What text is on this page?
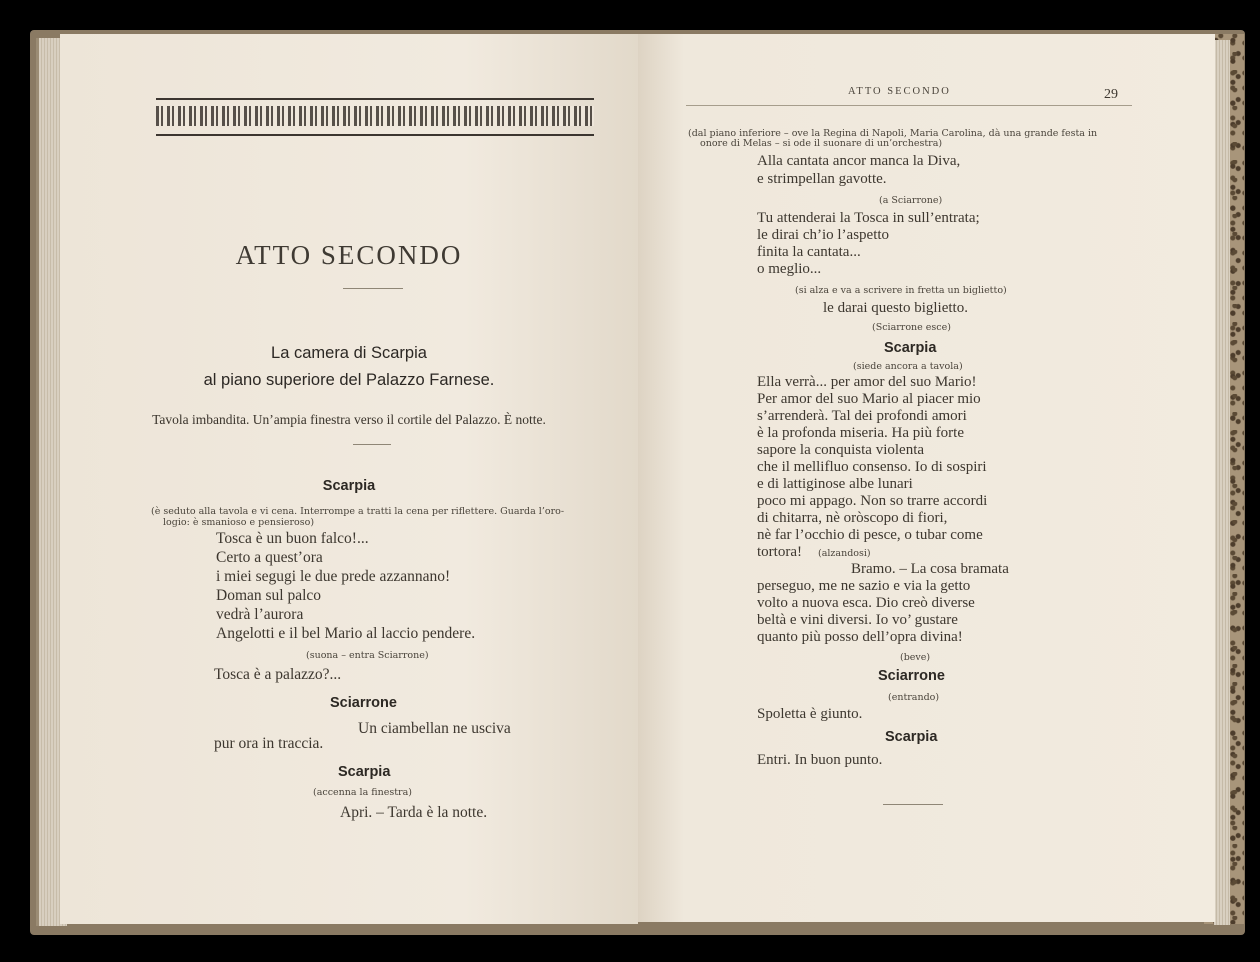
ATTO SECONDO
La camera di Scarpia
al piano superiore del Palazzo Farnese.
Tavola imbandita. Un’ampia finestra verso il cortile del Palazzo. È notte.
Scarpia
(è seduto alla tavola e vi cena. Interrompe a tratti la cena per riflettere. Guarda l’oro-
logio: è smanioso e pensieroso)
Tosca è un buon falco!...
Certo a quest’ora
i miei segugi le due prede azzannano!
Doman sul palco
vedrà l’aurora
Angelotti e il bel Mario al laccio pendere.
(suona – entra Sciarrone)
Tosca è a palazzo?...
Sciarrone
Un ciambellan ne usciva
pur ora in traccia.
Scarpia
(accenna la finestra)
Apri. – Tarda è la notte.
ATTO SECONDO	29
(dal piano inferiore – ove la Regina di Napoli, Maria Carolina, dà una grande festa in
onore di Melas – si ode il suonare di un’orchestra)
Alla cantata ancor manca la Diva,
e strimpellan gavotte.
(a Sciarrone)
Tu attenderai la Tosca in sull’entrata;
le dirai ch’io l’aspetto
finita la cantata...
o meglio...
(si alza e va a scrivere in fretta un biglietto)
le darai questo biglietto.
(Sciarrone esce)
Scarpia
(siede ancora a tavola)
Ella verrà... per amor del suo Mario!
Per amor del suo Mario al piacer mio
s’arrenderà. Tal dei profondi amori
è la profonda miseria. Ha più forte
sapore la conquista violenta
che il mellifluo consenso. Io di sospiri
e di lattiginose albe lunari
poco mi appago. Non so trarre accordi
di chitarra, nè oròscopo di fiori,
nè far l’occhio di pesce, o tubar come
tortora! (alzandosi)
Bramo. – La cosa bramata
perseguo, me ne sazio e via la getto
volto a nuova esca. Dio creò diverse
beltà e vini diversi. Io vo’ gustare
quanto più posso dell’opra divina!
(beve)
Sciarrone
(entrando)
Spoletta è giunto.
Scarpia
Entri. In buon punto.
